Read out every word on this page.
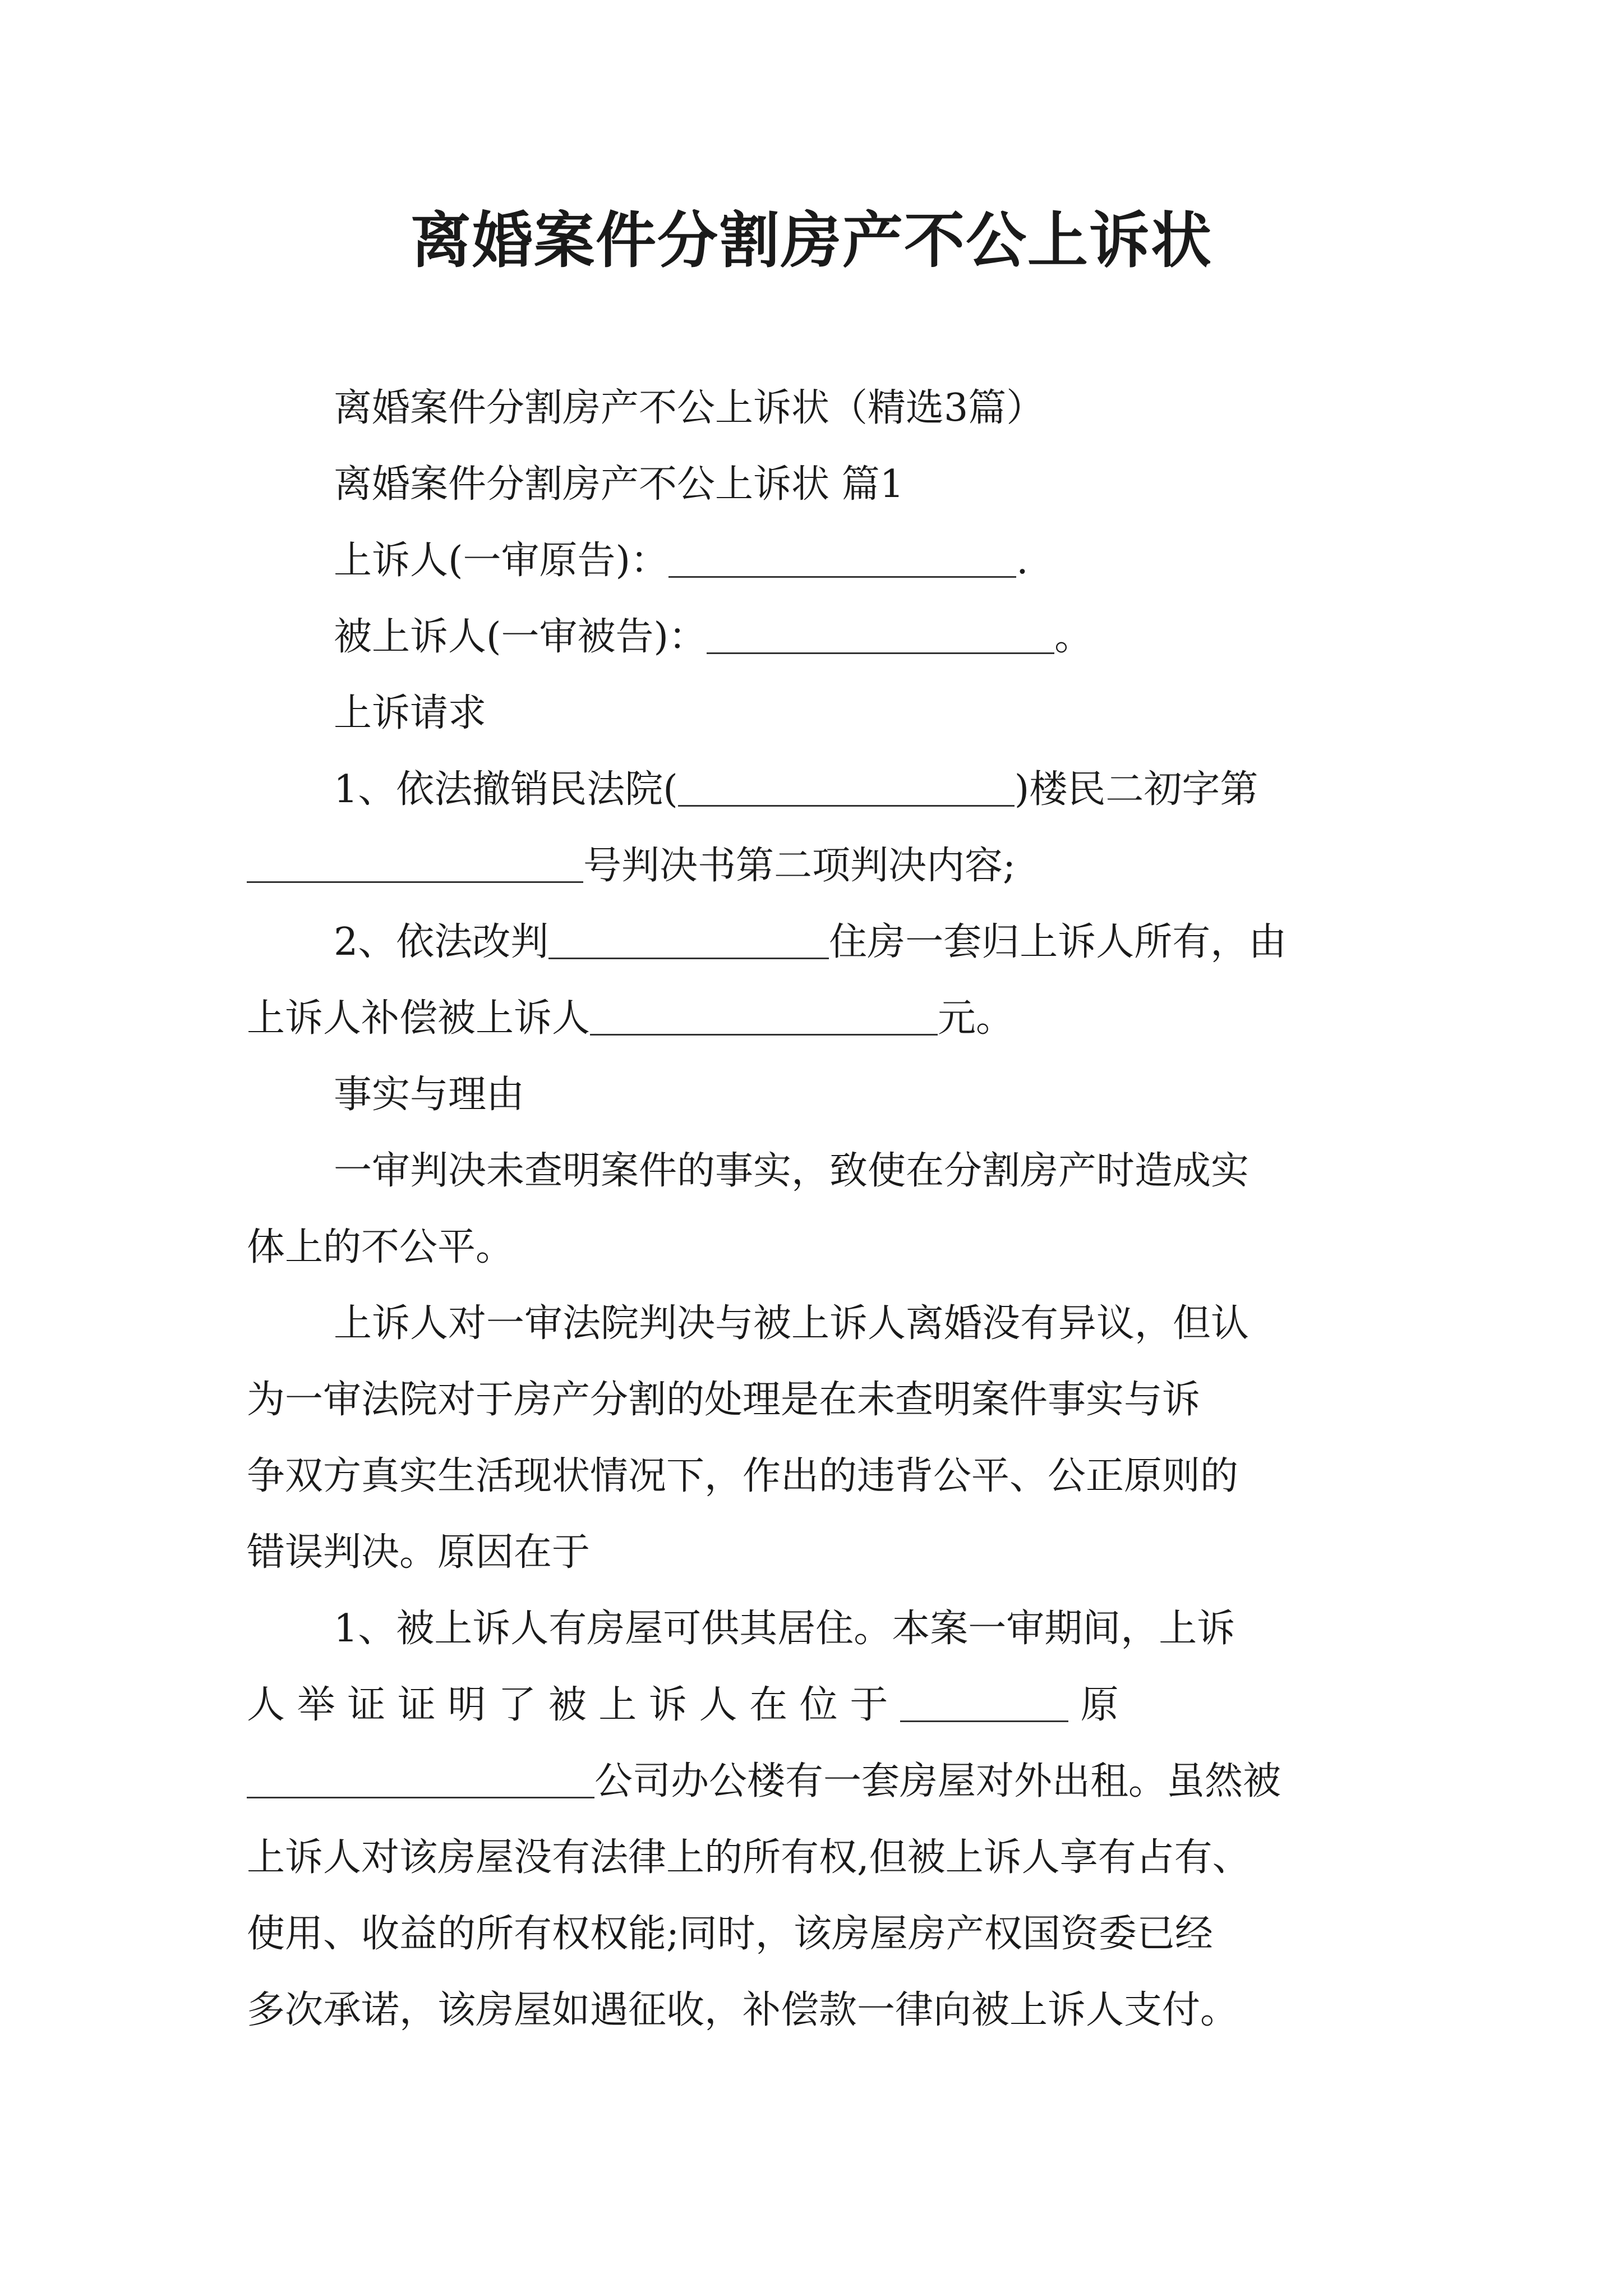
离婚案件分割房产不公上诉状

离婚案件分割房产不公上诉状（精选3篇）

离婚案件分割房产不公上诉状 篇1

上诉人(一审原告)：	.

被上诉人(一审被告)：	。

上诉请求

1、依法撤销民法院(	)楼民二初字第

号判决书第二项判决内容;

2、依法改判	住房一套归上诉人所有，由

上诉人补偿被上诉人	元。

事实与理由

一审判决未查明案件的事实，致使在分割房产时造成实

体上的不公平。

上诉人对一审法院判决与被上诉人离婚没有异议，但认

为一审法院对于房产分割的处理是在未查明案件事实与诉

争双方真实生活现状情况下，作出的违背公平、公正原则的

错误判决。原因在于

1、被上诉人有房屋可供其居住。本案一审期间，上诉

人 举 证 证 明 了 被 上 诉 人 在 位 于	原

公司办公楼有一套房屋对外出租。虽然被

上诉人对该房屋没有法律上的所有权,但被上诉人享有占有、

使用、收益的所有权权能;同时，该房屋房产权国资委已经

多次承诺，该房屋如遇征收，补偿款一律向被上诉人支付。
